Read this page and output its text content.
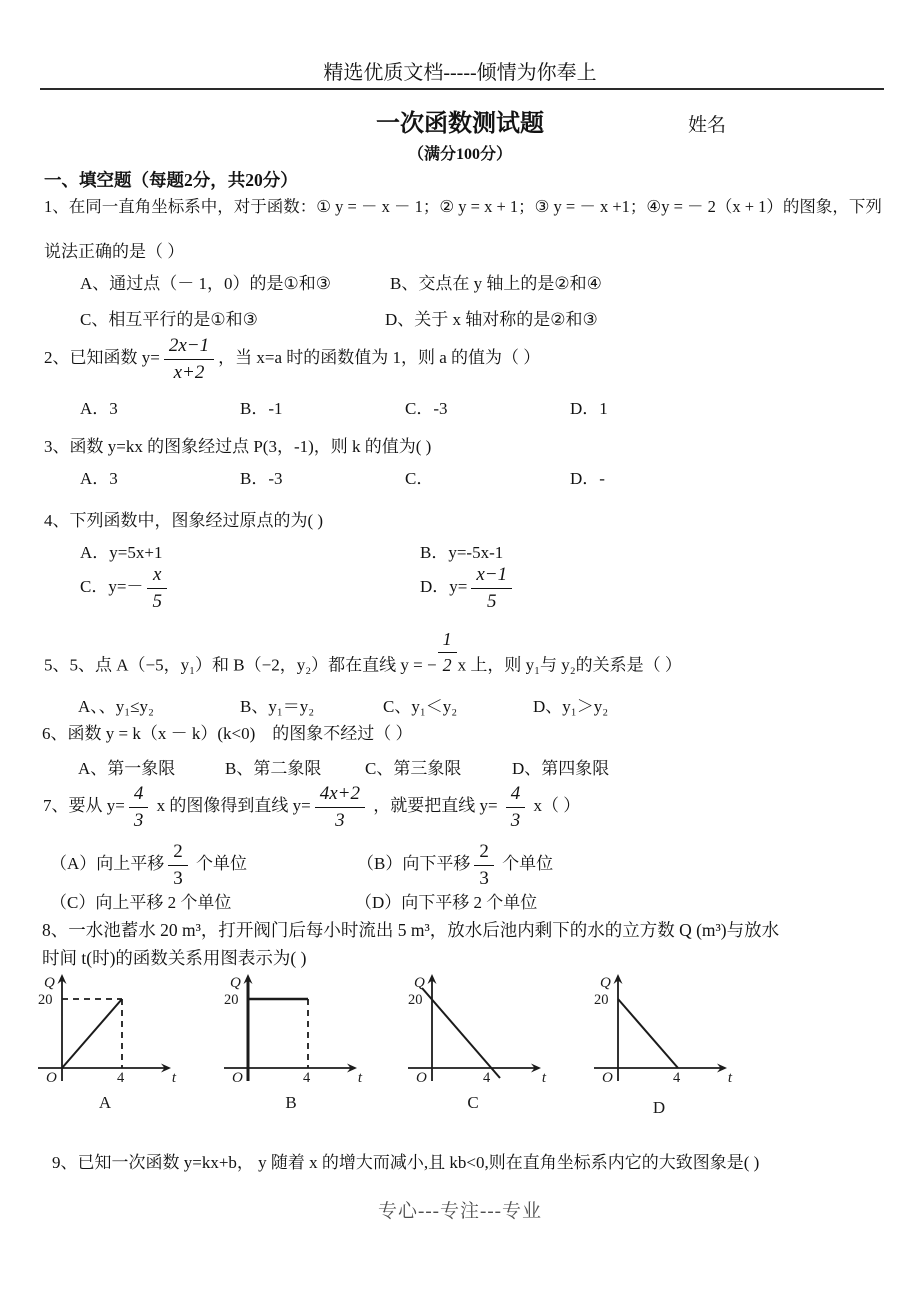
精选优质文档-----倾情为你奉上
一次函数测试题	姓名
（满分100分）
一、填空题（每题2分，共20分）
1、在同一直角坐标系中，对于函数：① y = － x － 1；② y = x + 1；③ y = － x +1；④y = － 2（x + 1）的图象，下列
说法正确的是（ ）
A、通过点（－ 1，0）的是①和③	B、交点在 y 轴上的是②和④
C、相互平行的是①和③	D、关于 x 轴对称的是②和③
2、已知函数 $y= \frac{2x-1}{x+2}$ ，当 x=a 时的函数值为 1，则 a 的值为（ ）
A．3	B．-1	C．-3	D．1
3、函数 y=kx 的图象经过点 P(3，-1)，则 k 的值为( )
A．3	B．-3	C．	D．-
4、下列函数中，图象经过原点的为( )
A．y=5x+1	B．y=-5x-1
C．$y=- \frac{x}{5}$	D．$y= \frac{x-1}{5}$
5、5、点 A（−5，y₁）和 B（−2，y₂）都在直线 y = − $\frac{1}{2}$ x 上，则 y₁与 y₂的关系是（ ）
A、、y₁≤y₂	B、y₁＝y₂	C、y₁＜y₂	D、y₁＞y₂
6、函数 y = k（x － k）(k<0)　的图象不经过（ ）
A、第一象限	B、第二象限	C、第三象限	D、第四象限
7、要从 $y= \frac{4}{3}$ x 的图像得到直线 $y= \frac{4x+2}{3}$ ，就要把直线 $y= \frac{4}{3} x$（ ）
（A）向上平移 $\frac{2}{3}$ 个单位	（B）向下平移 $\frac{2}{3}$ 个单位
（C）向上平移 2 个单位	（D）向下平移 2 个单位
8、一水池蓄水 20 m³，打开阀门后每小时流出 5 m³，放水后池内剩下的水的立方数 Q (m³)与放水
时间 t(时)的函数关系用图表示为( )
Q
20
O	4	t
A
Q
20
O	4	t
B
Q
20
O	4	t
C
Q
20
O	4	t
D
9、已知一次函数 y=kx+b， y 随着 x 的增大而减小,且 kb<0,则在直角坐标系内它的大致图象是( )
专心---专注---专业
